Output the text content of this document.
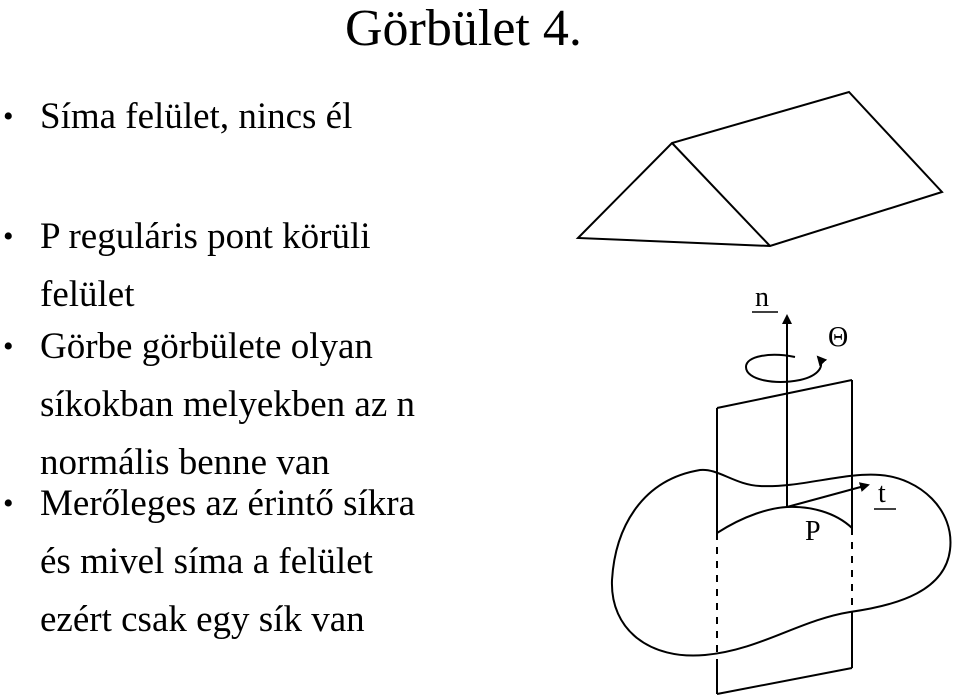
Görbület 4.
• Síma felület, nincs él
• P reguláris pont körüli
felület
• Görbe görbülete olyan
síkokban melyekben az n
normális benne van
• Merőleges az érintő síkra
és mivel síma a felület
ezért csak egy sík van
n
Θ
P
t
